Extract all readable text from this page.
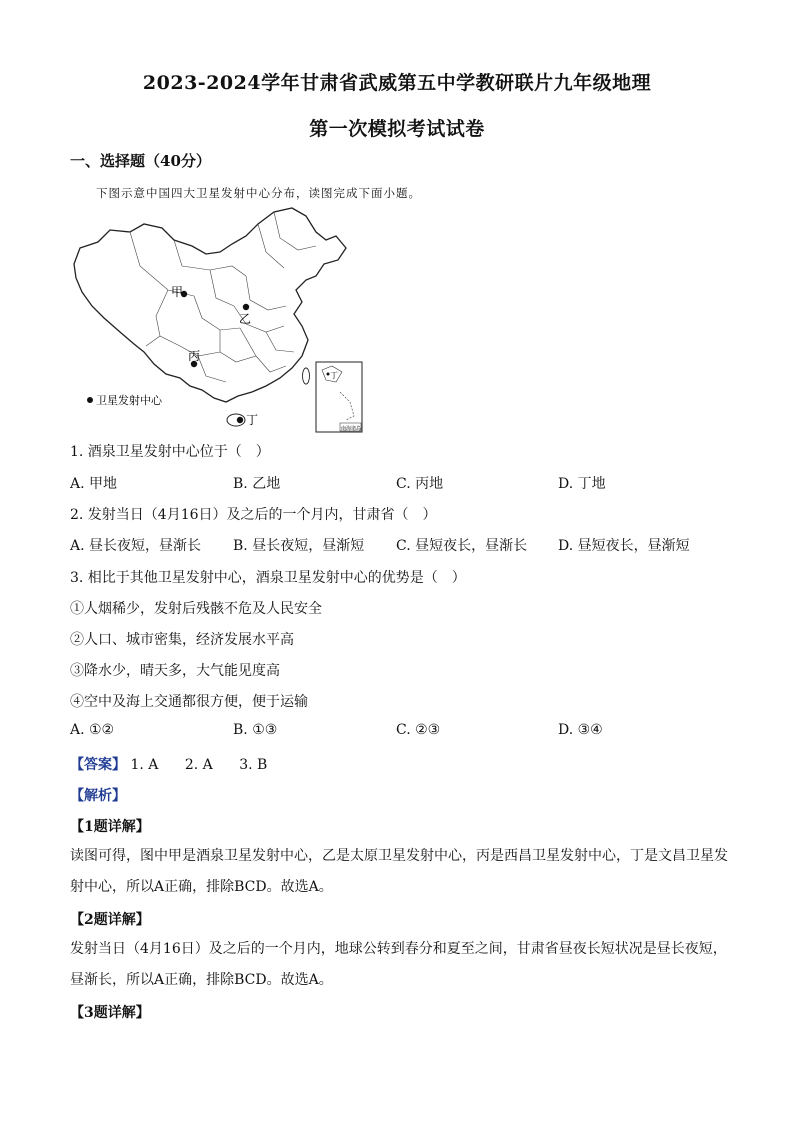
2023-2024学年甘肃省武威第五中学教研联片九年级地理
第一次模拟考试试卷
一、选择题（40分）
下图示意中国四大卫星发射中心分布，读图完成下面小题。
甲
乙
丙
丁
卫星发射中心
丁
南海诸岛
1. 酒泉卫星发射中心位于（　）
A. 甲地	B. 乙地	C. 丙地	D. 丁地
2. 发射当日（4月16日）及之后的一个月内，甘肃省（　）
A. 昼长夜短，昼渐长 B. 昼长夜短，昼渐短 C. 昼短夜长，昼渐长 D. 昼短夜长，昼渐短
3. 相比于其他卫星发射中心，酒泉卫星发射中心的优势是（　）
①人烟稀少，发射后残骸不危及人民安全
②人口、城市密集，经济发展水平高
③降水少，晴天多，大气能见度高
④空中及海上交通都很方便，便于运输
A. ①②	B. ①③	C. ②③	D. ③④
【答案】 1. A 2. A 3. B
【解析】
【1题详解】
读图可得，图中甲是酒泉卫星发射中心，乙是太原卫星发射中心，丙是西昌卫星发射中心，丁是文昌卫星发射中心，所以A正确，排除BCD。故选A。
【2题详解】
发射当日（4月16日）及之后的一个月内，地球公转到春分和夏至之间，甘肃省昼夜长短状况是昼长夜短，昼渐长，所以A正确，排除BCD。故选A。
【3题详解】
